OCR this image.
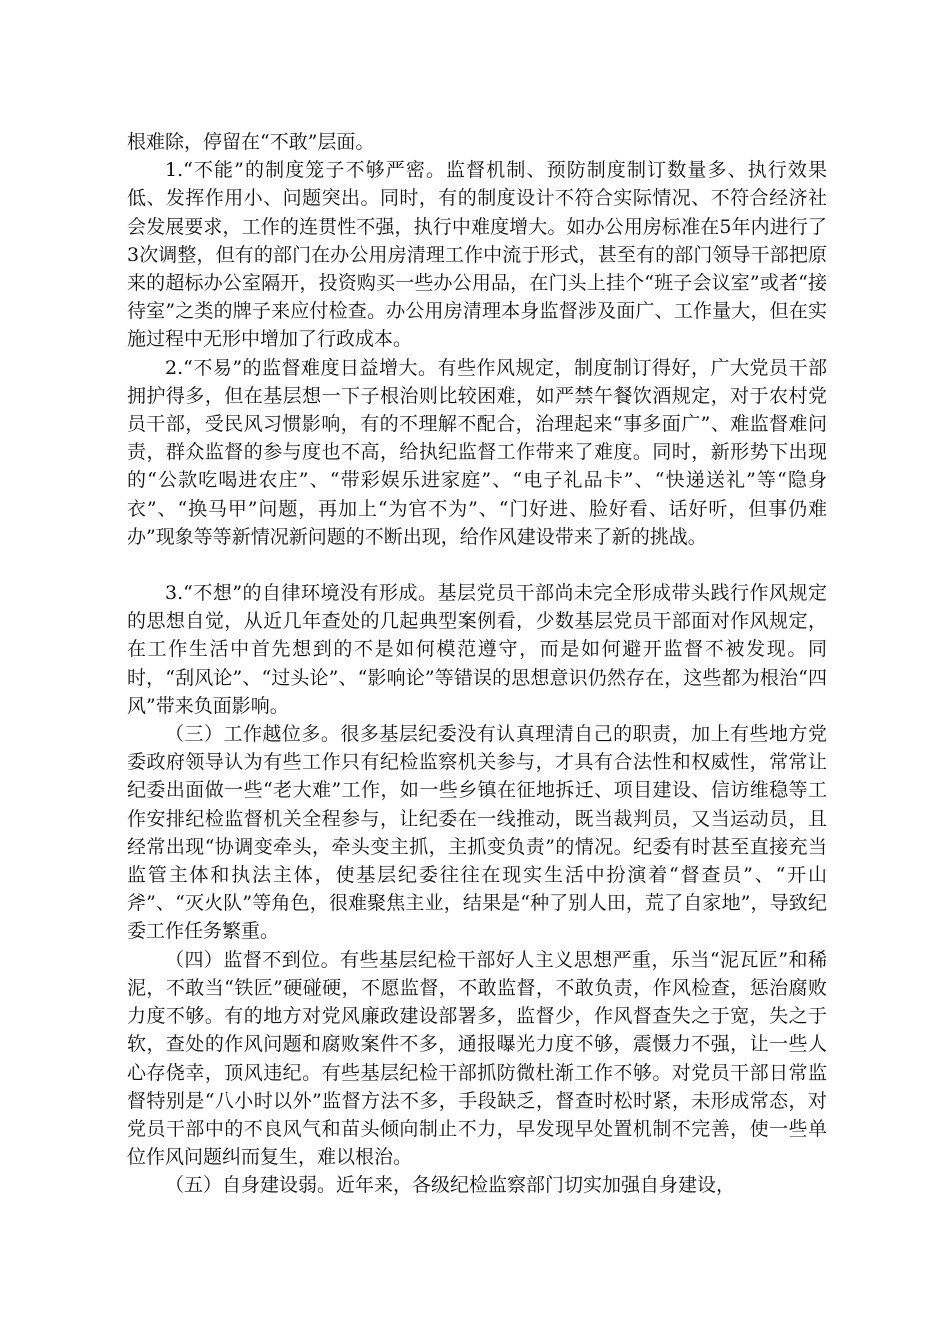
根难除，停留在“不敢”层面。

1.“不能”的制度笼子不够严密。监督机制、预防制度制订数量多、执行效果低、发挥作用小、问题突出。同时，有的制度设计不符合实际情况、不符合经济社会发展要求，工作的连贯性不强，执行中难度增大。如办公用房标准在5年内进行了3次调整，但有的部门在办公用房清理工作中流于形式，甚至有的部门领导干部把原来的超标办公室隔开，投资购买一些办公用品，在门头上挂个“班子会议室”或者“接待室”之类的牌子来应付检查。办公用房清理本身监督涉及面广、工作量大，但在实施过程中无形中增加了行政成本。

2.“不易”的监督难度日益增大。有些作风规定，制度制订得好，广大党员干部拥护得多，但在基层想一下子根治则比较困难，如严禁午餐饮酒规定，对于农村党员干部，受民风习惯影响，有的不理解不配合，治理起来“事多面广”、难监督难问责，群众监督的参与度也不高，给执纪监督工作带来了难度。同时，新形势下出现的“公款吃喝进农庄”、“带彩娱乐进家庭”、“电子礼品卡”、“快递送礼”等“隐身衣”、“换马甲”问题，再加上“为官不为”、“门好进、脸好看、话好听，但事仍难办”现象等等新情况新问题的不断出现，给作风建设带来了新的挑战。

3.“不想”的自律环境没有形成。基层党员干部尚未完全形成带头践行作风规定的思想自觉，从近几年查处的几起典型案例看，少数基层党员干部面对作风规定，在工作生活中首先想到的不是如何模范遵守，而是如何避开监督不被发现。同时，“刮风论”、“过头论”、“影响论”等错误的思想意识仍然存在，这些都为根治“四风”带来负面影响。

（三）工作越位多。很多基层纪委没有认真理清自己的职责，加上有些地方党委政府领导认为有些工作只有纪检监察机关参与，才具有合法性和权威性，常常让纪委出面做一些“老大难”工作，如一些乡镇在征地拆迁、项目建设、信访维稳等工作安排纪检监督机关全程参与，让纪委在一线推动，既当裁判员，又当运动员，且经常出现“协调变牵头，牵头变主抓，主抓变负责”的情况。纪委有时甚至直接充当监管主体和执法主体，使基层纪委往往在现实生活中扮演着“督查员”、“开山斧”、“灭火队”等角色，很难聚焦主业，结果是“种了别人田，荒了自家地”，导致纪委工作任务繁重。

（四）监督不到位。有些基层纪检干部好人主义思想严重，乐当“泥瓦匠”和稀泥，不敢当“铁匠”硬碰硬，不愿监督，不敢监督，不敢负责，作风检查，惩治腐败力度不够。有的地方对党风廉政建设部署多，监督少，作风督查失之于宽，失之于软，查处的作风问题和腐败案件不多，通报曝光力度不够，震慑力不强，让一些人心存侥幸，顶风违纪。有些基层纪检干部抓防微杜渐工作不够。对党员干部日常监督特别是“八小时以外”监督方法不多，手段缺乏，督查时松时紧，未形成常态，对党员干部中的不良风气和苗头倾向制止不力，早发现早处置机制不完善，使一些单位作风问题纠而复生，难以根治。

（五）自身建设弱。近年来，各级纪检监察部门切实加强自身建设，
